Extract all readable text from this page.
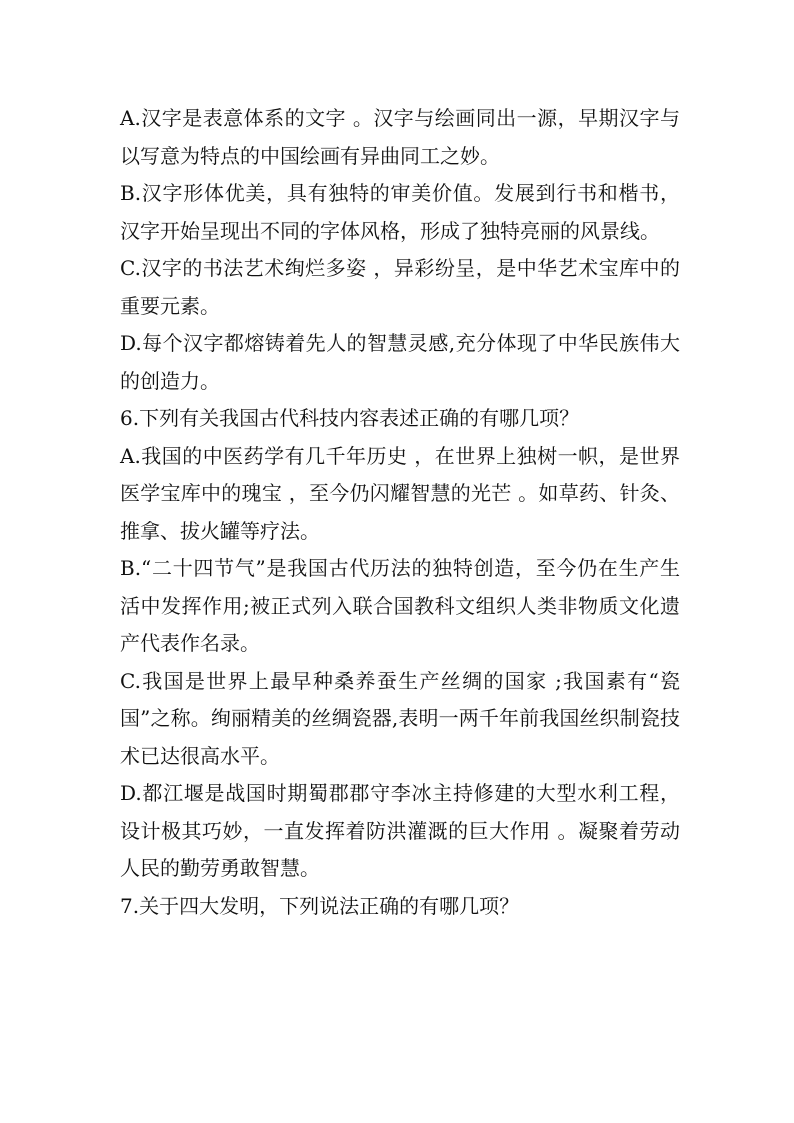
A.汉字是表意体系的文字 。汉字与绘画同出一源，早期汉字与以写意为特点的中国绘画有异曲同工之妙。

B.汉字形体优美，具有独特的审美价值。发展到行书和楷书，汉字开始呈现出不同的字体风格，形成了独特亮丽的风景线。

C.汉字的书法艺术绚烂多姿 ，异彩纷呈，是中华艺术宝库中的重要元素。

D.每个汉字都熔铸着先人的智慧灵感,充分体现了中华民族伟大的创造力。

6.下列有关我国古代科技内容表述正确的有哪几项？

A.我国的中医药学有几千年历史 ，在世界上独树一帜，是世界医学宝库中的瑰宝 ，至今仍闪耀智慧的光芒 。如草药、针灸、推拿、拔火罐等疗法。

B.“二十四节气”是我国古代历法的独特创造，至今仍在生产生活中发挥作用;被正式列入联合国教科文组织人类非物质文化遗产代表作名录。

C.我国是世界上最早种桑养蚕生产丝绸的国家 ;我国素有“瓷国”之称。绚丽精美的丝绸瓷器,表明一两千年前我国丝织制瓷技术已达很高水平。

D.都江堰是战国时期蜀郡郡守李冰主持修建的大型水利工程，设计极其巧妙，一直发挥着防洪灌溉的巨大作用 。凝聚着劳动人民的勤劳勇敢智慧。

7.关于四大发明，下列说法正确的有哪几项？
